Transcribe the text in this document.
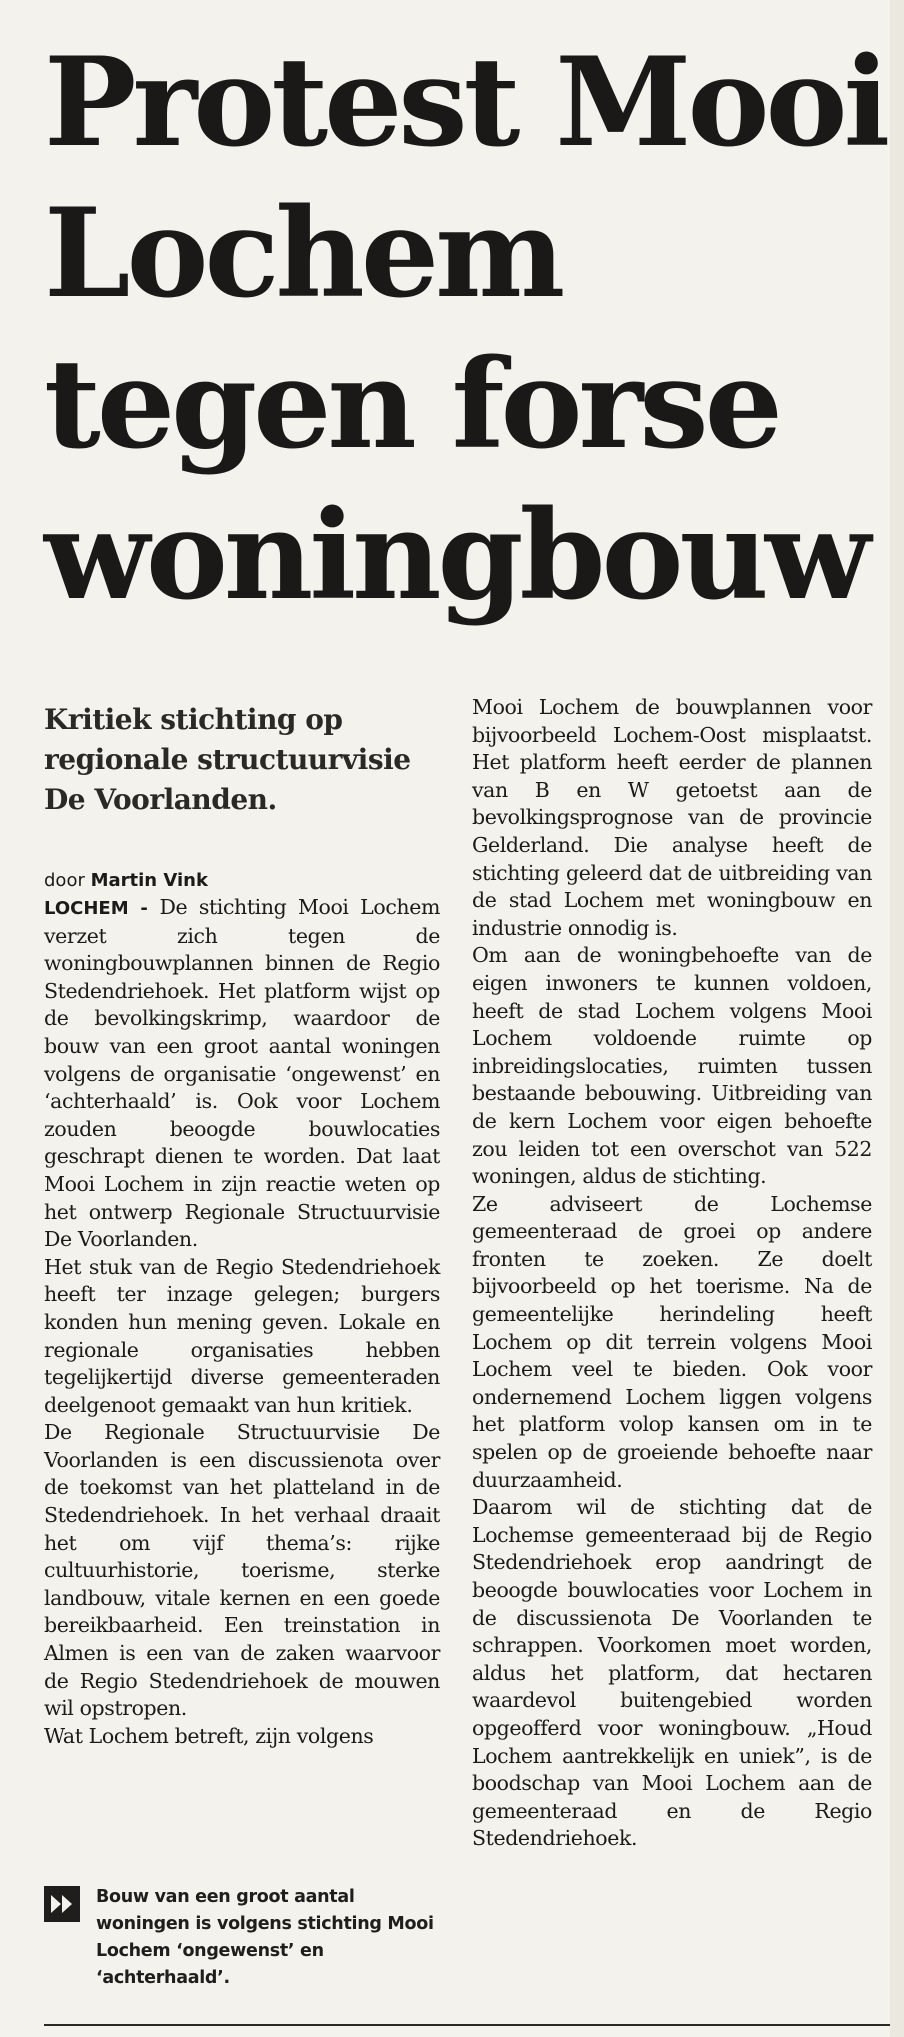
Protest Mooi
Lochem
tegen forse
woningbouw
Kritiek stichting op regionale structuurvisie De Voorlanden.
door Martin Vink

LOCHEM - De stichting Mooi Lochem verzet zich tegen de woningbouwplannen binnen de Regio Stedendriehoek. Het platform wijst op de bevolkingskrimp, waardoor de bouw van een groot aantal woningen volgens de organisatie ‘ongewenst’ en ‘achterhaald’ is. Ook voor Lochem zouden beoogde bouwlocaties geschrapt dienen te worden. Dat laat Mooi Lochem in zijn reactie weten op het ontwerp Regionale Structuurvisie De Voorlanden.

Het stuk van de Regio Stedendriehoek heeft ter inzage gelegen; burgers konden hun mening geven. Lokale en regionale organisaties hebben tegelijkertijd diverse gemeenteraden deelgenoot gemaakt van hun kritiek.

De Regionale Structuurvisie De Voorlanden is een discussienota over de toekomst van het platteland in de Stedendriehoek. In het verhaal draait het om vijf thema’s: rijke cultuurhistorie, toerisme, sterke landbouw, vitale kernen en een goede bereikbaarheid. Een treinstation in Almen is een van de zaken waarvoor de Regio Stedendriehoek de mouwen wil opstropen.

Wat Lochem betreft, zijn volgens

Mooi Lochem de bouwplannen voor bijvoorbeeld Lochem-Oost misplaatst. Het platform heeft eerder de plannen van B en W getoetst aan de bevolkingsprognose van de provincie Gelderland. Die analyse heeft de stichting geleerd dat de uitbreiding van de stad Lochem met woningbouw en industrie onnodig is.

Om aan de woningbehoefte van de eigen inwoners te kunnen voldoen, heeft de stad Lochem volgens Mooi Lochem voldoende ruimte op inbreidingslocaties, ruimten tussen bestaande bebouwing. Uitbreiding van de kern Lochem voor eigen behoefte zou leiden tot een overschot van 522 woningen, aldus de stichting.

Ze adviseert de Lochemse gemeenteraad de groei op andere fronten te zoeken. Ze doelt bijvoorbeeld op het toerisme. Na de gemeentelijke herindeling heeft Lochem op dit terrein volgens Mooi Lochem veel te bieden. Ook voor ondernemend Lochem liggen volgens het platform volop kansen om in te spelen op de groeiende behoefte naar duurzaamheid.

Daarom wil de stichting dat de Lochemse gemeenteraad bij de Regio Stedendriehoek erop aandringt de beoogde bouwlocaties voor Lochem in de discussienota De Voorlanden te schrappen. Voorkomen moet worden, aldus het platform, dat hectaren waardevol buitengebied worden opgeofferd voor woningbouw. „Houd Lochem aantrekkelijk en uniek”, is de boodschap van Mooi Lochem aan de gemeenteraad en de Regio Stedendriehoek.

Bouw van een groot aantal woningen is volgens stichting Mooi Lochem ‘ongewenst’ en ‘achterhaald’.
